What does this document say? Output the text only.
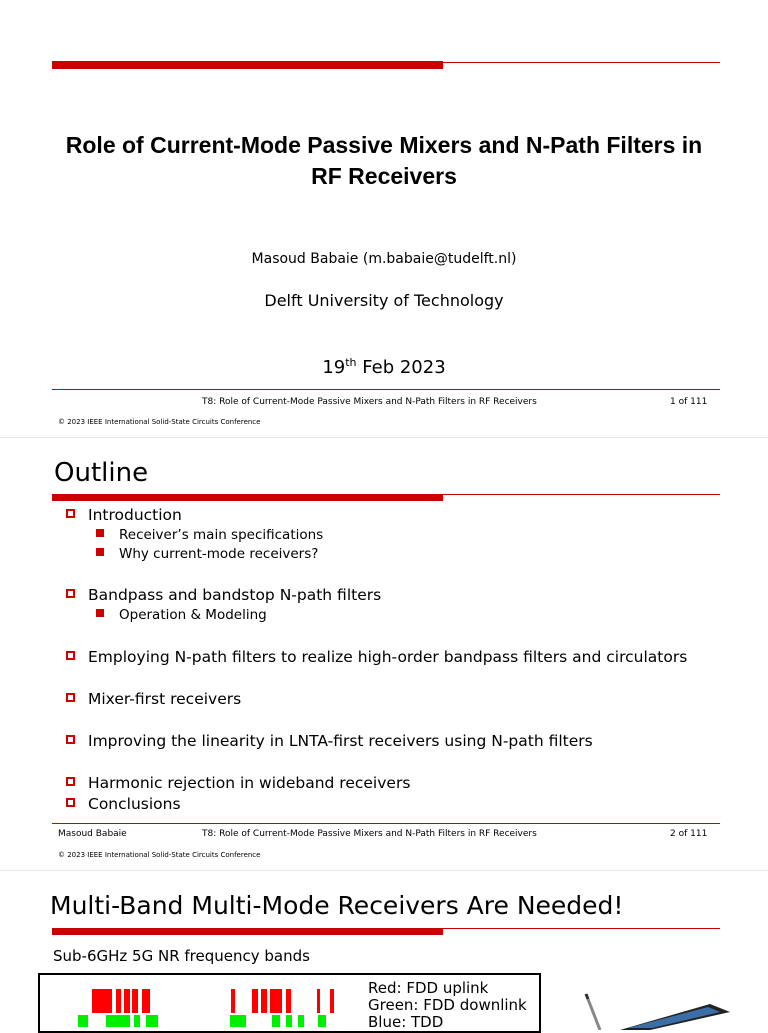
Role of Current-Mode Passive Mixers and N-Path Filters in RF Receivers
Masoud Babaie (m.babaie@tudelft.nl)
Delft University of Technology
19th Feb 2023
T8: Role of Current-Mode Passive Mixers and N-Path Filters in RF Receivers	1 of 111
© 2023 IEEE International Solid-State Circuits Conference
Outline
Introduction
Receiver’s main specifications
Why current-mode receivers?
Bandpass and bandstop N-path filters
Operation & Modeling
Employing N-path filters to realize high-order bandpass filters and circulators
Mixer-first receivers
Improving the linearity in LNTA-first receivers using N-path filters
Harmonic rejection in wideband receivers
Conclusions
Masoud Babaie	T8: Role of Current-Mode Passive Mixers and N-Path Filters in RF Receivers	2 of 111
© 2023 IEEE International Solid-State Circuits Conference
Multi-Band Multi-Mode Receivers Are Needed!
Sub-6GHz 5G NR frequency bands
Red: FDD uplink
Green: FDD downlink
Blue: TDD
